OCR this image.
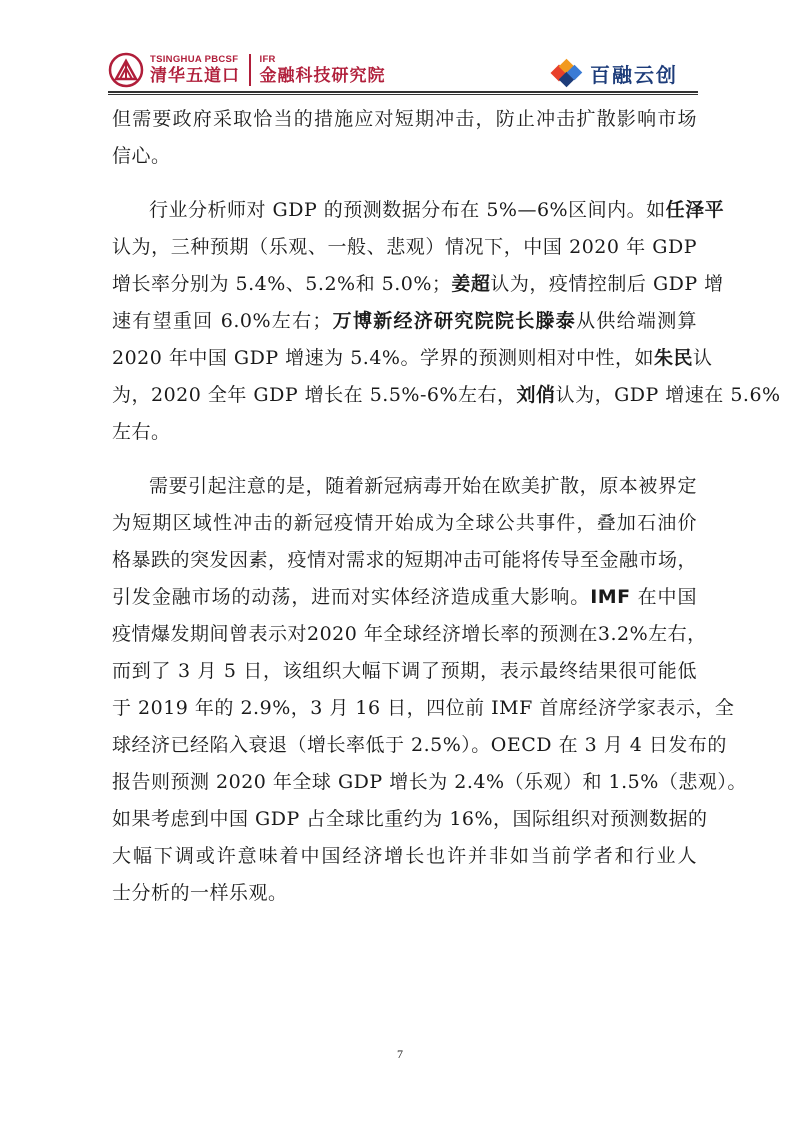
TSINGHUA PBCSF
清华五道口
IFR
金融科技研究院	百融云创
但需要政府采取恰当的措施应对短期冲击，防止冲击扩散影响市场
信心。
行业分析师对 GDP 的预测数据分布在 5%—6%区间内。如任泽平
认为，三种预期（乐观、一般、悲观）情况下，中国 2020 年 GDP
增长率分别为 5.4%、5.2%和 5.0%；姜超认为，疫情控制后 GDP 增
速有望重回 6.0%左右；万博新经济研究院院长滕泰从供给端测算
2020 年中国 GDP 增速为 5.4%。学界的预测则相对中性，如朱民认
为，2020 全年 GDP 增长在 5.5%-6%左右，刘俏认为，GDP 增速在 5.6%
左右。
需要引起注意的是，随着新冠病毒开始在欧美扩散，原本被界定
为短期区域性冲击的新冠疫情开始成为全球公共事件，叠加石油价
格暴跌的突发因素，疫情对需求的短期冲击可能将传导至金融市场，
引发金融市场的动荡，进而对实体经济造成重大影响。IMF 在中国
疫情爆发期间曾表示对2020 年全球经济增长率的预测在3.2%左右，
而到了 3 月 5 日，该组织大幅下调了预期，表示最终结果很可能低
于 2019 年的 2.9%，3 月 16 日，四位前 IMF 首席经济学家表示，全
球经济已经陷入衰退（增长率低于 2.5%）。OECD 在 3 月 4 日发布的
报告则预测 2020 年全球 GDP 增长为 2.4%（乐观）和 1.5%（悲观）。
如果考虑到中国 GDP 占全球比重约为 16%，国际组织对预测数据的
大幅下调或许意味着中国经济增长也许并非如当前学者和行业人
士分析的一样乐观。
7
